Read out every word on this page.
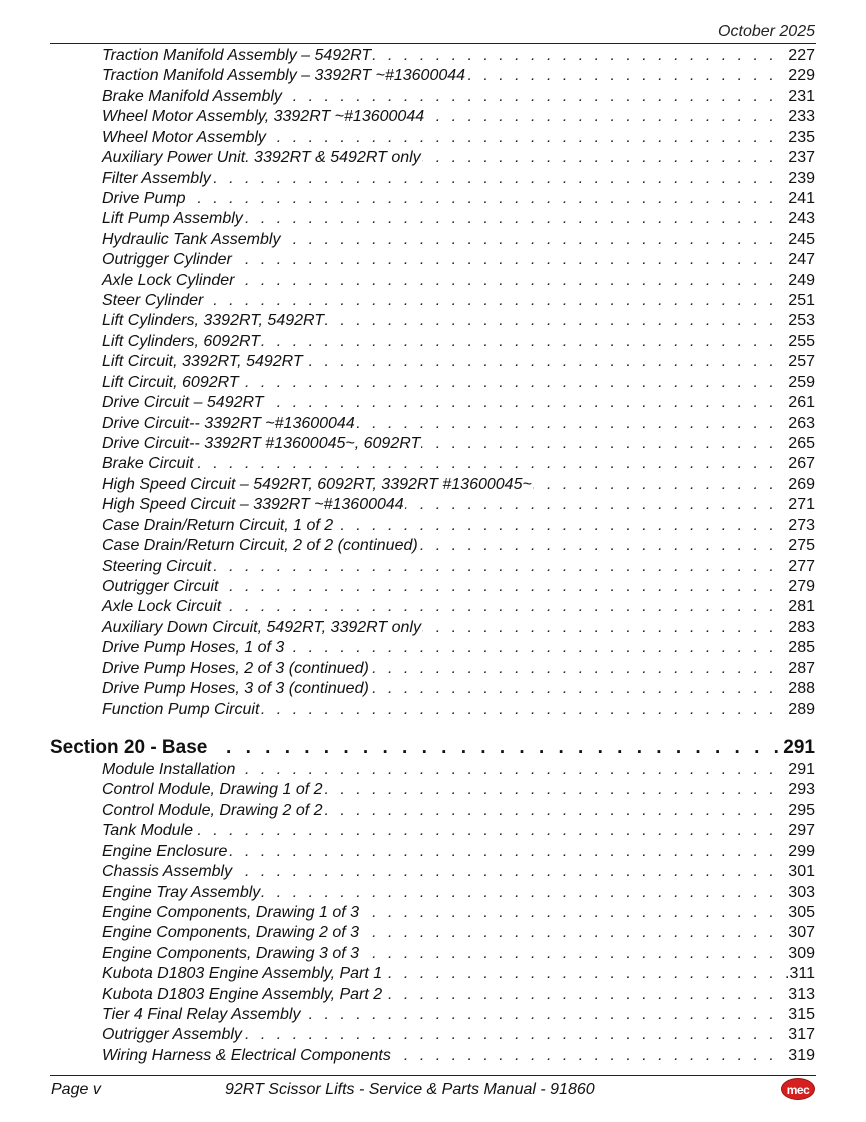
October 2025
. . .
Traction Manifold Assembly – 5492RT	227
. . .
Traction Manifold Assembly – 3392RT ~#13600044	229
. . .
Brake Manifold Assembly	231
. . .
Wheel Motor Assembly, 3392RT ~#13600044	233
. . .
Wheel Motor Assembly	235
. . .
Auxiliary Power Unit. 3392RT & 5492RT only	237
. . .
Filter Assembly	239
. . .
Drive Pump	241
. . .
Lift Pump Assembly	243
. . .
Hydraulic Tank Assembly	245
. . .
Outrigger Cylinder	247
. . .
Axle Lock Cylinder	249
. . .
Steer Cylinder	251
. . .
Lift Cylinders, 3392RT, 5492RT	253
. . .
Lift Cylinders, 6092RT	255
. . .
Lift Circuit, 3392RT, 5492RT	257
. . .
Lift Circuit, 6092RT	259
. . .
Drive Circuit – 5492RT	261
. . .
Drive Circuit-- 3392RT ~#13600044	263
. . .
Drive Circuit-- 3392RT #13600045~, 6092RT	265
. . .
Brake Circuit	267
. . .
High Speed Circuit – 5492RT, 6092RT, 3392RT #13600045~	269
. . .
High Speed Circuit – 3392RT ~#13600044	271
. . .
Case Drain/Return Circuit, 1 of 2	273
. . .
Case Drain/Return Circuit, 2 of 2 (continued)	275
. . .
Steering Circuit	277
. . .
Outrigger Circuit	279
. . .
Axle Lock Circuit	281
. . .
Auxiliary Down Circuit, 5492RT, 3392RT only	283
. . .
Drive Pump Hoses, 1 of 3	285
. . .
Drive Pump Hoses, 2 of 3 (continued)	287
. . .
Drive Pump Hoses, 3 of 3 (continued)	288
. . .
Function Pump Circuit	289
Section 20 - Base . . .	291
. . .
Module Installation	291
. . .
Control Module, Drawing 1 of 2	293
. . .
Control Module, Drawing 2 of 2	295
. . .
Tank Module	297
. . .
Engine Enclosure	299
. . .
Chassis Assembly	301
. . .
Engine Tray Assembly	303
. . .
Engine Components, Drawing 1 of 3	305
. . .
Engine Components, Drawing 2 of 3	307
. . .
Engine Components, Drawing 3 of 3	309
. . .
Kubota D1803 Engine Assembly, Part 1	.311
. . .
Kubota D1803 Engine Assembly, Part 2	313
. . .
Tier 4 Final Relay Assembly	315
. . .
Outrigger Assembly	317
. . .
Wiring Harness & Electrical Components	319
Page v	92RT Scissor Lifts - Service & Parts Manual - 91860	mec
